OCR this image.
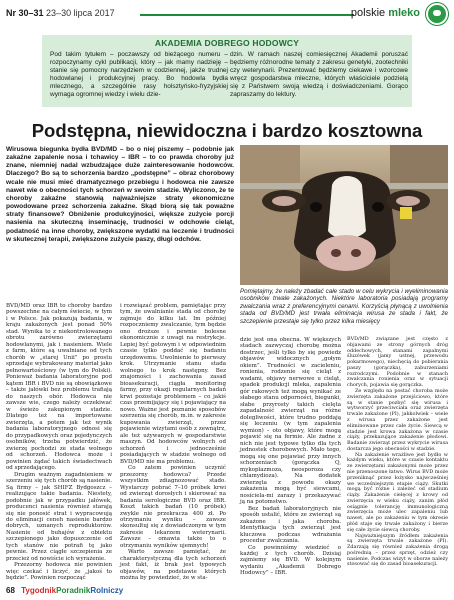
Nr 30–31 23–30 lipca 2017	polskie mleko
AKADEMIA DOBREGO HODOWCY
Pod takim tytułem – poczawszy od bieżącego numeru – rozpoczynamy cykl publikacji, który – jak mamy nadzieję – stanie się pomocny narzędziem w codziennej, jakże trudnej hodowlanej i produkcyjnej pracy. Bo hodowla bydła mlecznego, a szczególnie rasy holsztyńsko-fryzyjskiej wymaga ogromnej wiedzy i wielu dzie-
dzin. W ramach naszej comiesięcznej Akademii poruszać będziemy różnorodne tematy z zakresu genetyki, zootechniki czy weterynarii. Prezentować będziemy ciekawe i wzorcowe wręcz gospodarstwa mleczne, których właściciele podzielą się z Państwem swoją wiedzą i doświadczeniami. Gorąco zapraszamy do lektury.
Podstępna, niewidoczna i bardzo kosztowna
Wirusowa biegunka bydła BVD/MD – bo o niej piszemy – podobnie jak zakaźne zapalenie nosa i tchawicy – IBR – to co prawda choroby już znane, niemniej nadal wzbudzające duże zainteresowanie hodowców. Dlaczego? Bo są to schorzenia bardzo „podstępne” – obraz chorobowy wcale nie musi mieć dramatycznego przebiegu i hodowca nie zawsze nawet wie o obecności tych schorzeń w swoim stadzie. Wyliczono, że te choroby zakaźne stanowią najważniejsze straty ekonomiczne powodowane przez schorzenia zakaźne. Skąd biorą się tak poważne straty finansowe? Obniżenie produkcyjności, większe zużycie porcji nasienia na skuteczną inseminację, trudności w odchowie cieląt, podatność na inne choroby, zwiększone wydatki na leczenie i trudności w skutecznej terapii, zwiększone zużycie paszy, długi odchów.
Pomiętajmy, że należy zbadać całe stado w celu wykrycia i wyeliminowania osobników trwale zakażonych. Niektóre laboratoria posiadają programy zwalczania wraz z preferencyjnymi cenami. Korzyścią płynącą z uwolnienia stada od BVD/MD jest trwała eliminacja wirusa ze stada i fakt, że szczepienie przestaje się tylko przez kilka miesięcy

BVD/MD oraz IBR to choroby bardzo powszechne na całym świecie, w tym i w Polsce. Jak pokazują badania, w kraju zakażonych jest ponad 50% stad. Wynika to z niekontrolowanego obrotu zarówno zwierzętami hodowlanymi, jak i nasieniem. Wiele z farm, które są uwalniane od tych chorób w „starej Unii” po prostu sprzedaje wybrakowany materiał jako pełnowartościowy (w tym do Polski). Ponieważ badania laboratoryjne pod kątem IBR i BVD nie są obowiązkowe – także jałówki bez problemu trafiają do naszych obór. Hodowca nie zawsze wie, czego należy oczekiwać w świeżo zakupionym stadzie. Dlatego też na importowane zwierzęta, a potem jak też wynik badania laboratoryjnego odnosi się do przypadkowych oraz pojedynczych osobników, trzeba potwierdzić, że zwierzę pochodzi ze stada wolnego od schorzeń. Hodowca może i powinien żądać takich świadectwach od sprzedającego.

Drugim ważnym zagadnieniem w szerzeniu się tych chorób są nasienie. Są firmy – jak SHIFZ Bydgoszcz – realizujące takie badania. Niestety, podobnie jak w przypadku jałówek, producenci nasienia również starają się nie ponosić strat i wypracowują do eliminacji ceneh nasienie bardzo dobrych, uznanych reproduktorów. Nasienie od buhajów z obiektu szczepionego jako dopuszczenie od tych stanów nie potrafi tę jako pewnie. Przez ciągłe szczepienia ze przecież od nowiście ich wyrażenie.

Przezorny hodowca nie powinien więc czekać i liczyć, że „jakoś to będzie”. Powinien rozpocząć

i rozwiązać problem, pamiętając przy tym, że uwalnianie stada od choroby zajmuje do kilku lat. Im później rozpoczniemy zwalczanie, tym będzie ono droższe i pewnie bolesne ekonomicznie z uwagi na restrykcje. Lepiej być gotowym i w odpowiednim czasie tylko poddać się badaniu urzędowemu. Uwolnienie to pierwszy krok. Utrzymanie stanu stada wolnego to krok następny. Bez znajomości i zachowania zasad bioasekuracji, ciągła monitoring farmy, przy okazji regularnych badań krwi pozostaje problemem – co jakiś czas przemijający się i pojawiający na nowo. Ważne jest poznanie sposobów szerzenia się chorób, m.in. w zakresie kupowania zwierząt, przez pojawienie wizytami osób z zewnątrz, ale też używanych w gospodarstwie maszyn. Od hodowców wolnych od schorzeń i jednocześnie posiadających w stadzie wolnego od BVD/MD nie ma problemu.

Co zatem powinien uczynić przezorny hodowca? Przede wszystkim zdiagnozować stado. Wystarczy pobrać 7–10 próbek krwi od zwierząt dorosłych i skierować na badania serologiczne BVD oraz IBR. Koszt takich badań (10 próbek) zwykle nie przekracza 400 zł. Po otrzymaniu wyniku – zawsze skonsultuj się z dowiadczonym w tym zakresie lekarzem weterynarii. Zawsze – omawia także to o otrzymaniu wyników ujemnych!

Warto zawsze pamiętać, że charakterystyczną dla tych schorzeń jest fakt, iż brak jest typowych objawów, na podstawie których można by powiedzieć, że w sta-

dzie jest ona obecna. W większych stadach zazwyczaj chorobę można dostrzec, jeśli tylko by się powiedz objawów widocznych „gołym okiem”. Trudności w zacieleniu, ronienia, rodzenie się cieląt z wadami, objawy nerwowe u cieląt, spadek produkcji mleka, zapalenia gór rakowych też mogą wynikać ze słabego stanu odporności, biegunki, słabe przyrosty takich cielęta zapadalność zwierząt na różne dolegliwości, które trudno poddają się leczeniu (w tym zapalenia wymion) – oto objawy, które mogą pojawić się na fermie. Ale żadne z nich nie jest typowe tylko dla tych jednostek chorobowych. Mało tego, mogą się one pojawiać przy innych schorzeniach (gorączka Q, mykoplazmoza, neosporoza czy chlamydioza). Na dodatek zwierzęta z powodu okazy zakażenia mogą być siewcami, nosiciela-mi zarazy i przekazywać ją na potomstwo.

Bez badań laboratoryjnych nie sposób ustalić, które ze zwierząt są zakażone i jaka choroba. Identyfikacja tych zwierząt jest kluczowa podczas wdrażania procedur zwalczania.

Co powinniśmy wiedzieć o każdej z tych chorób. Dzisiaj zajmiemy się BVD. W kolejnym wydaniu „Akademii Dobrego Hodowcy” – IBR.

BVD/MD związane jest często z objawami ze strony górnych dróg oddechowych, stanami zapalnymi śluzówek (jamy ustnej, przewodu pokarmowego), niechęcią do pobierania paszy (gorączka), zaburzeniami rozrodczymi. Podobnie w stanach zwalczania ronienia oraz w sytuacji chorych, pojawia się gorączka.

Ze względu na postać choroba może zwierzęta zakażone przejściowo, które są w stanie pozbyć się wirusa i wytworzyć przeciwciała oraz zwierzęta trwale zakażone (PI), jakkolwiek – wiele z wirusa przez zakażone jest eliminowane przez całe życie. Siewcą w stadzie jest krowa zakażona w czasie ciąży, przekazujące zakażenie płodowi. Badanie zwierząt przez wykrycie wirusa dostarcza jego obecności w stadzie.

Na zakażenie wrażliwe jest bydło w każdym wieku, które w czasie kontaktu ze zwierzętami zakażonymi może przez nie przenoszone łatwo. Wirus BVD może przeniknąć przez łożysko najwcześniej we wcześniejszym etapie ciąży. Skutki mogą być różne i zależeć od stadium ciąży. Zakażenie cielęcej z krowy od zwierzęcia w wieku ciąży, zanim płód osiągnie tolerancję immunologiczną zwierzęcia może ulec zapaleniu lub nawet, ale po zakażeniu w tym okresie płód staje się trwale zakażony i bierze się całe życie siewcą choroby.

Najważniejszym źródłem zakażenia są zwierzęta trwale zakażone (PI). Zdarzają się również zakażenia drogą pośrednią – przez sprzęt, odzież czy nasienie. Podczas wizyt w oborze należy stosować się do zasad bioasekuracji.

68 TygodnikPoradnikRolniczy
